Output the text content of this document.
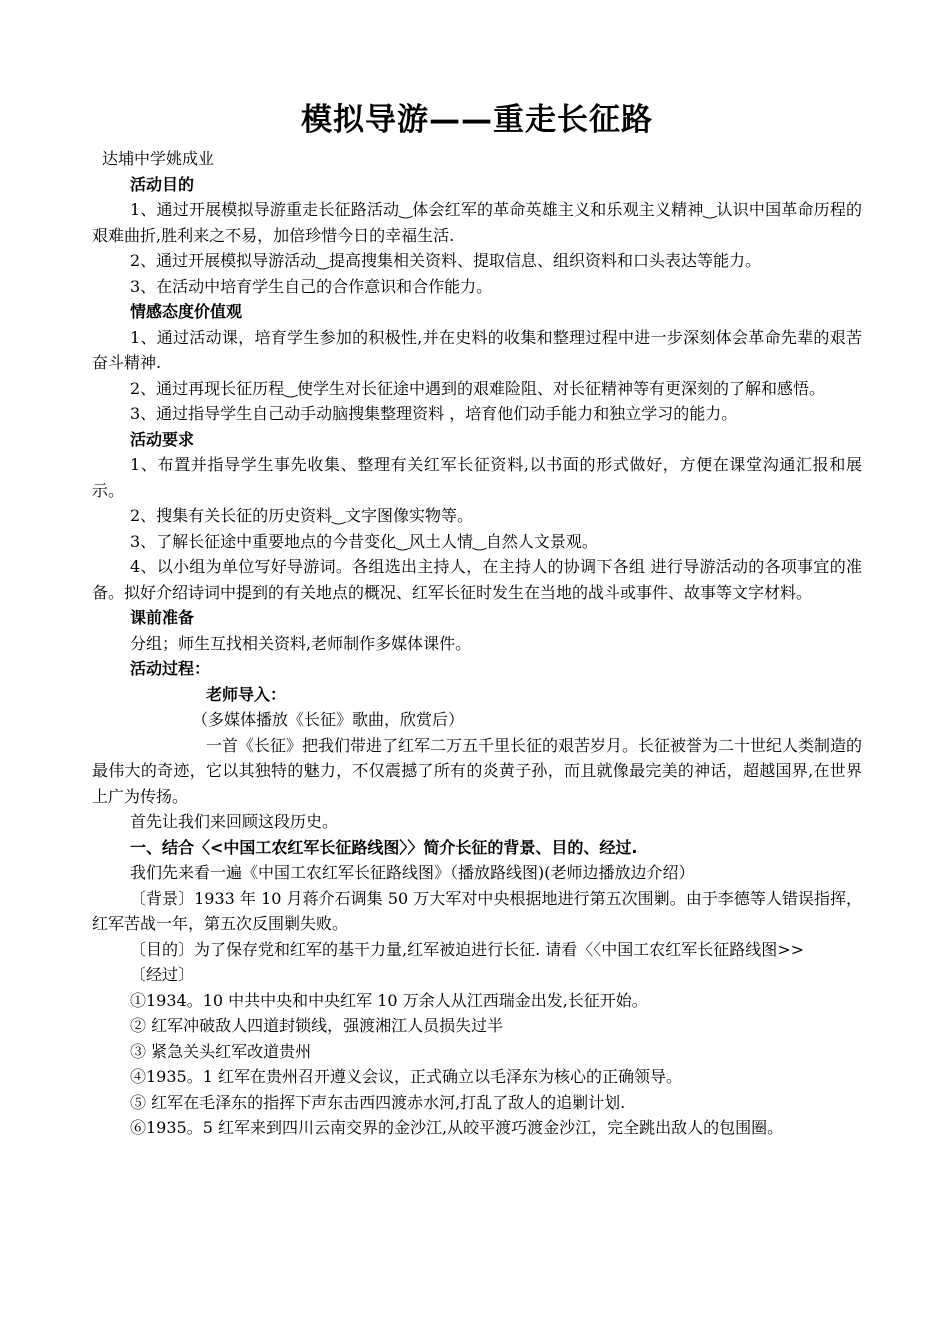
模拟导游——重走长征路

达埔中学姚成业

活动目的

1、通过开展模拟导游重走长征路活动‿体会红军的革命英雄主义和乐观主义精神‿认识中国革命历程的艰难曲折,胜利来之不易，加倍珍惜今日的幸福生活.

2、通过开展模拟导游活动‿提高搜集相关资料、提取信息、组织资料和口头表达等能力。

3、在活动中培育学生自己的合作意识和合作能力。

情感态度价值观

1、通过活动课，培育学生参加的积极性,并在史料的收集和整理过程中进一步深刻体会革命先辈的艰苦奋斗精神.

2、通过再现长征历程‿使学生对长征途中遇到的艰难险阻、对长征精神等有更深刻的了解和感悟。

3、通过指导学生自己动手动脑搜集整理资料 ，培育他们动手能力和独立学习的能力。

活动要求

1、布置并指导学生事先收集、整理有关红军长征资料,以书面的形式做好，方便在课堂沟通汇报和展示。

2、搜集有关长征的历史资料‿文字图像实物等。

3、了解长征途中重要地点的今昔变化‿风土人情‿自然人文景观。

4、以小组为单位写好导游词。各组选出主持人，在主持人的协调下各组 进行导游活动的各项事宜的准备。拟好介绍诗词中提到的有关地点的概况、红军长征时发生在当地的战斗或事件、故事等文字材料。

课前准备

分组；师生互找相关资料,老师制作多媒体课件。

活动过程：

老师导入：

（多媒体播放《长征》歌曲，欣赏后）

一首《长征》把我们带进了红军二万五千里长征的艰苦岁月。长征被誉为二十世纪人类制造的最伟大的奇迹，它以其独特的魅力，不仅震撼了所有的炎黄子孙，而且就像最完美的神话，超越国界,在世界上广为传扬。

首先让我们来回顾这段历史。

一、结合〈<中国工农红军长征路线图〉〉简介长征的背景、目的、经过.

我们先来看一遍《中国工农红军长征路线图》（播放路线图)(老师边播放边介绍）

〔背景〕1933 年 10 月蒋介石调集 50 万大军对中央根据地进行第五次围剿。由于李德等人错误指挥，红军苦战一年，第五次反围剿失败。

〔目的〕为了保存党和红军的基干力量,红军被迫进行长征. 请看〈〈中国工农红军长征路线图>>

〔经过〕

①1934。10 中共中央和中央红军 10 万余人从江西瑞金出发,长征开始。

② 红军冲破敌人四道封锁线，强渡湘江人员损失过半

③ 紧急关头红军改道贵州

④1935。1 红军在贵州召开遵义会议，正式确立以毛泽东为核心的正确领导。

⑤ 红军在毛泽东的指挥下声东击西四渡赤水河,打乱了敌人的追剿计划.

⑥1935。5 红军来到四川云南交界的金沙江,从皎平渡巧渡金沙江，完全跳出敌人的包围圈。
